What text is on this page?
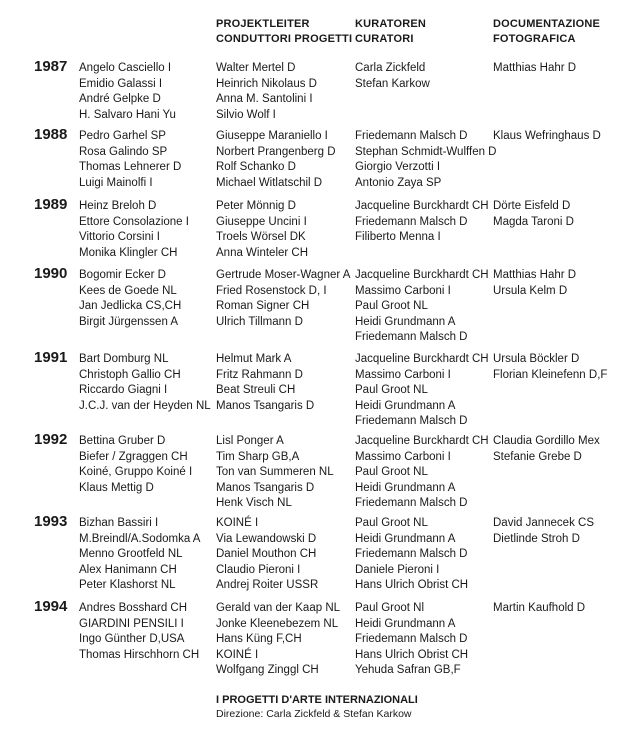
PROJEKTLEITER
CONDUTTORI PROGETTI
KURATOREN
CURATORI
DOCUMENTAZIONE
FOTOGRAFICA
1987 Angelo Casciello I
Emidio Galassi I
André Gelpke D
H. Salvaro Hani Yu
Walter Mertel D
Heinrich Nikolaus D
Anna M. Santolini I
Silvio Wolf I
Carla Zickfeld
Stefan Karkow
Matthias Hahr D
1988 Pedro Garhel SP
Rosa Galindo SP
Thomas Lehnerer D
Luigi Mainolfi I
Giuseppe Maraniello I
Norbert Prangenberg D
Rolf Schanko D
Michael Witlatschil D
Friedemann Malsch D
Stephan Schmidt-Wulffen D
Giorgio Verzotti I
Antonio Zaya SP
Klaus Wefringhaus D
1989 Heinz Breloh D
Ettore Consolazione I
Vittorio Corsini I
Monika Klingler CH
Peter Mönnig D
Giuseppe Uncini I
Troels Wörsel DK
Anna Winteler CH
Jacqueline Burckhardt CH
Friedemann Malsch D
Filiberto Menna I
Dörte Eisfeld D
Magda Taroni D
1990 Bogomir Ecker D
Kees de Goede NL
Jan Jedlicka CS,CH
Birgit Jürgenssen A
Gertrude Moser-Wagner A
Fried Rosenstock D, I
Roman Signer CH
Ulrich Tillmann D
Jacqueline Burckhardt CH
Massimo Carboni I
Paul Groot NL
Heidi Grundmann A
Friedemann Malsch D
Matthias Hahr D
Ursula Kelm D
1991 Bart Domburg NL
Christoph Gallio CH
Riccardo Giagni I
J.C.J. van der Heyden NL
Helmut Mark A
Fritz Rahmann D
Beat Streuli CH
Manos Tsangaris D
Jacqueline Burckhardt CH
Massimo Carboni I
Paul Groot NL
Heidi Grundmann A
Friedemann Malsch D
Ursula Böckler D
Florian Kleinefenn D,F
1992 Bettina Gruber D
Biefer / Zgraggen CH
Koiné, Gruppo Koiné I
Klaus Mettig D
Lisl Ponger A
Tim Sharp GB,A
Ton van Summeren NL
Manos Tsangaris D
Henk Visch NL
Jacqueline Burckhardt CH
Massimo Carboni I
Paul Groot NL
Heidi Grundmann A
Friedemann Malsch D
Claudia Gordillo Mex
Stefanie Grebe D
1993 Bizhan Bassiri I
M.Breindl/A.Sodomka A
Menno Grootfeld NL
Alex Hanimann CH
Peter Klashorst NL
KOINÉ I
Via Lewandowski D
Daniel Mouthon CH
Claudio Pieroni I
Andrej Roiter USSR
Paul Groot NL
Heidi Grundmann A
Friedemann Malsch D
Daniele Pieroni I
Hans Ulrich Obrist CH
David Jannecek CS
Dietlinde Stroh D
1994 Andres Bosshard CH
GIARDINI PENSILI I
Ingo Günther D,USA
Thomas Hirschhorn CH
Gerald van der Kaap NL
Jonke Kleenebezem NL
Hans Küng F,CH
KOINÉ I
Wolfgang Zinggl CH
Paul Groot Nl
Heidi Grundmann A
Friedemann Malsch D
Hans Ulrich Obrist CH
Yehuda Safran GB,F
Martin Kaufhold D
I PROGETTI D'ARTE INTERNAZIONALI
Direzione: Carla Zickfeld & Stefan Karkow
